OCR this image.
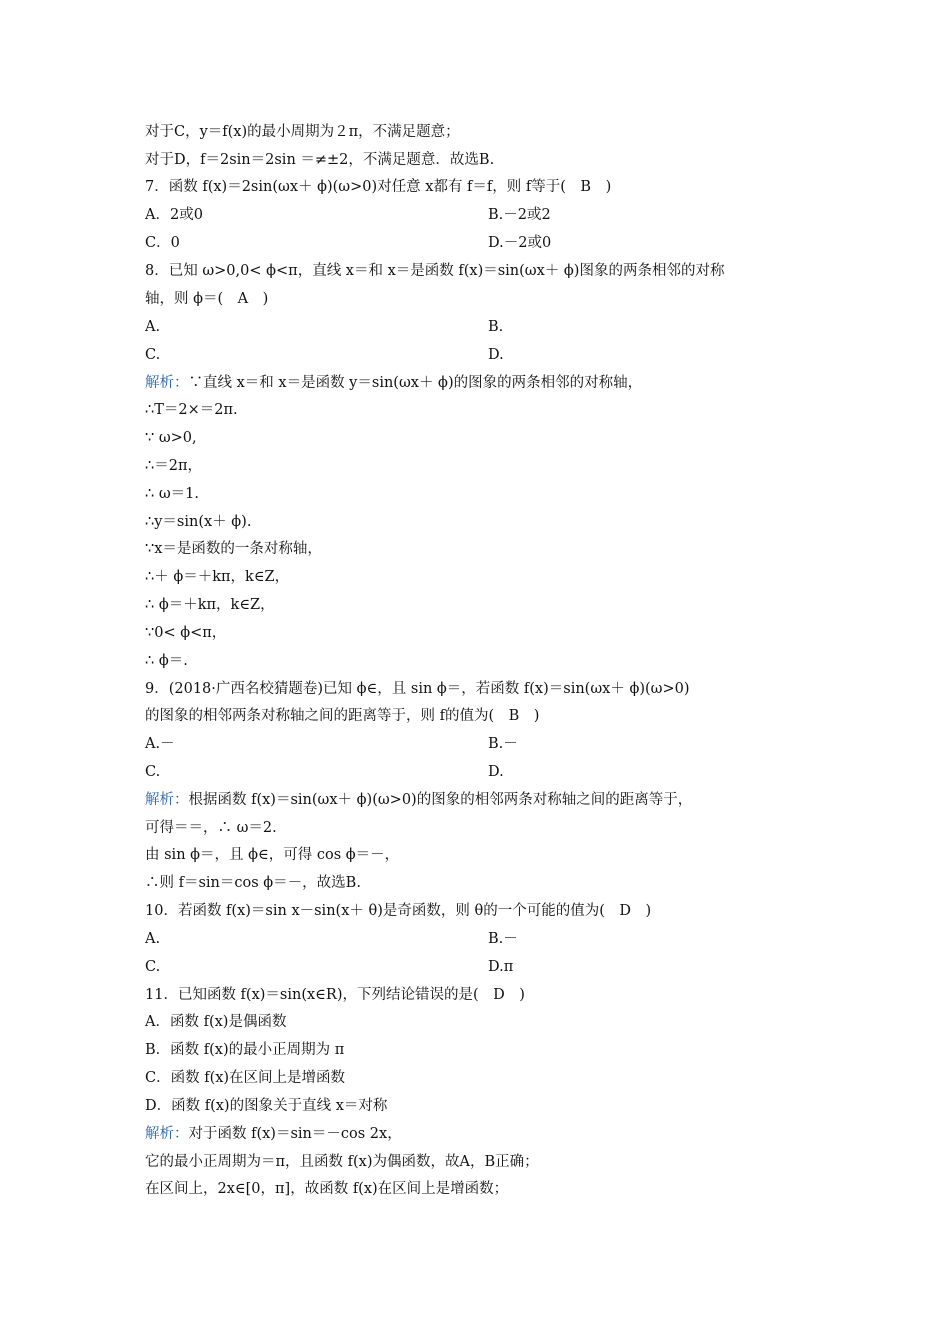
对于C，y＝f(x)的最小周期为２π，不满足题意；
对于D，f＝2sin＝2sin ＝≠±2，不满足题意．故选B.
7．函数 f(x)＝2sin(ωx＋ ϕ)(ω>0)对任意 x都有 f＝f，则 f等于(　B　)
A．2或0	B.－2或2
C．0	D.－2或0
8．已知 ω>0,0< ϕ<π，直线 x＝和 x＝是函数 f(x)＝sin(ωx＋ ϕ)图象的两条相邻的对称
轴，则 ϕ＝(　A　)
A.	B.
C.	D.
解析：∵直线 x＝和 x＝是函数 y＝sin(ωx＋ ϕ)的图象的两条相邻的对称轴，
∴T＝2×＝2π.
∵ ω>0,
∴＝2π，
∴ ω＝1.
∴y＝sin(x＋ ϕ).
∵x＝是函数的一条对称轴，
∴＋ ϕ＝＋kπ，k∈Z，
∴ ϕ＝＋kπ，k∈Z，
∵0< ϕ<π，
∴ ϕ＝.
9．(2018·广西名校猜题卷)已知 ϕ∈，且 sin ϕ＝，若函数 f(x)＝sin(ωx＋ ϕ)(ω>0)
的图象的相邻两条对称轴之间的距离等于，则 f的值为(　B　)
A.－	B.－
C.	D.
解析：根据函数 f(x)＝sin(ωx＋ ϕ)(ω>0)的图象的相邻两条对称轴之间的距离等于，
可得＝＝，∴ ω＝2.
由 sin ϕ＝，且 ϕ∈，可得 cos ϕ＝－，
∴则 f＝sin＝cos ϕ＝－，故选B.
10．若函数 f(x)＝sin x－sin(x＋ θ)是奇函数，则 θ的一个可能的值为(　D　)
A.	B.－
C.	D.π
11．已知函数 f(x)＝sin(x∈R)，下列结论错误的是(　D　)
A．函数 f(x)是偶函数
B．函数 f(x)的最小正周期为 π
C．函数 f(x)在区间上是增函数
D．函数 f(x)的图象关于直线 x＝对称
解析：对于函数 f(x)＝sin＝－cos 2x，
它的最小正周期为＝π，且函数 f(x)为偶函数，故A，B正确；
在区间上，2x∈[0，π]，故函数 f(x)在区间上是增函数；
